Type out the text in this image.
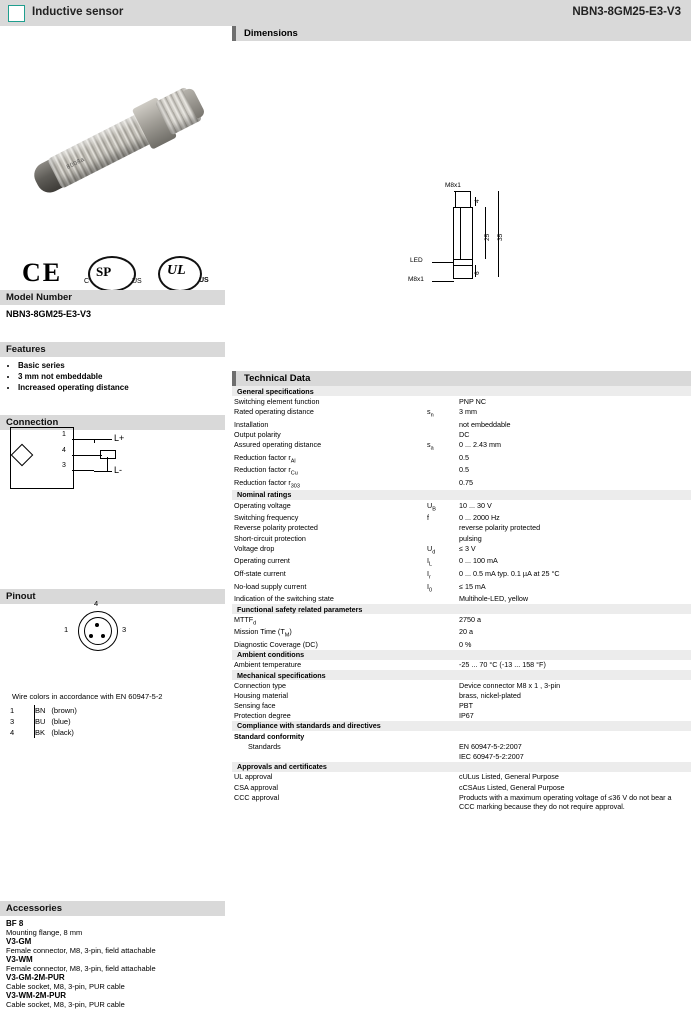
Inductive sensor	NBN3-8GM25-E3-V3
8008a
CE	SP
C	US
UL
US
Model Number
NBN3-8GM25-E3-V3
Features
• Basic series
• 3 mm not embeddable
• Increased operating distance
Connection
1
4
3
L+
L-
Pinout
4
1	3
Wire colors in accordance with EN 60947-5-2
1	BN	(brown)
3	BU	(blue)
4	BK	(black)
Accessories
BF 8
Mounting flange, 8 mm
V3-GM
Female connector, M8, 3-pin, field attachable
V3-WM
Female connector, M8, 3-pin, field attachable
V3-GM-2M-PUR
Cable socket, M8, 3-pin, PUR cable
V3-WM-2M-PUR
Cable socket, M8, 3-pin, PUR cable
Dimensions
M8x1
LED
M8x1
25 35
4
6
Technical Data
General specifications		
Switching element function		PNP NC
Rated operating distance	$s_n$	3 mm
Installation		not embeddable
Output polarity		DC
Assured operating distance	$s_a$	0 ... 2.43 mm
Reduction factor $r_{Al}$		0.5
Reduction factor $r_{Cu}$		0.5
Reduction factor $r_{303}$		0.75
Nominal ratings		
Operating voltage	$U_B$	10 ... 30 V
Switching frequency	f	0 ... 2000 Hz
Reverse polarity protected		reverse polarity protected
Short-circuit protection		pulsing
Voltage drop	$U_d$	≤ 3 V
Operating current	$I_L$	0 ... 100 mA
Off-state current	$I_r$	0 ... 0.5 mA typ. 0.1 µA at 25 °C
No-load supply current	$I_0$	≤ 15 mA
Indication of the switching state		Multihole-LED, yellow
Functional safety related parameters		
$MTTF_d$		2750 a
Mission Time $(T_M)$		20 a
Diagnostic Coverage (DC)		0 %
Ambient conditions		
Ambient temperature		-25 ... 70 °C (-13 ... 158 °F)
Mechanical specifications		
Connection type		Device connector M8 x 1 , 3-pin
Housing material		brass, nickel-plated
Sensing face		PBT
Protection degree		IP67
Compliance with standards and directives		
Standard conformity		
Standards		EN 60947-5-2:2007
		IEC 60947-5-2:2007
Approvals and certificates		
UL approval		cULus Listed, General Purpose
CSA approval		cCSAus Listed, General Purpose
CCC approval		Products with a maximum operating voltage of ≤36 V do not bear a CCC marking because they do not require approval.
